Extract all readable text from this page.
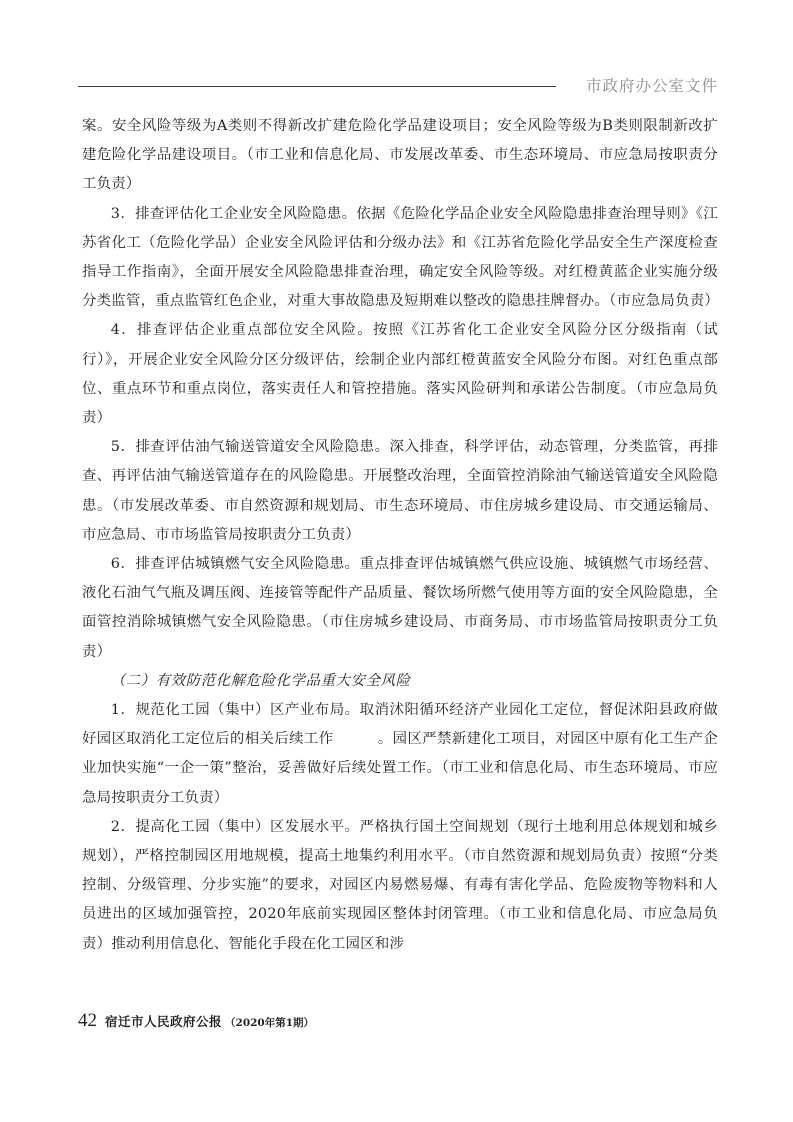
市政府办公室文件

案。安全风险等级为A类则不得新改扩建危险化学品建设项目；安全风险等级为B类则限制新改扩建危险化学品建设项目。（市工业和信息化局、市发展改革委、市生态环境局、市应急局按职责分工负责）

3．排查评估化工企业安全风险隐患。依据《危险化学品企业安全风险隐患排查治理导则》《江苏省化工（危险化学品）企业安全风险评估和分级办法》和《江苏省危险化学品安全生产深度检查指导工作指南》，全面开展安全风险隐患排查治理，确定安全风险等级。对红橙黄蓝企业实施分级分类监管，重点监管红色企业，对重大事故隐患及短期难以整改的隐患挂牌督办。（市应急局负责）

4．排查评估企业重点部位安全风险。按照《江苏省化工企业安全风险分区分级指南（试行）》，开展企业安全风险分区分级评估，绘制企业内部红橙黄蓝安全风险分布图。对红色重点部位、重点环节和重点岗位，落实责任人和管控措施。落实风险研判和承诺公告制度。（市应急局负责）

5．排查评估油气输送管道安全风险隐患。深入排查，科学评估，动态管理，分类监管，再排查、再评估油气输送管道存在的风险隐患。开展整改治理，全面管控消除油气输送管道安全风险隐患。（市发展改革委、市自然资源和规划局、市生态环境局、市住房城乡建设局、市交通运输局、市应急局、市市场监管局按职责分工负责）

6．排查评估城镇燃气安全风险隐患。重点排查评估城镇燃气供应设施、城镇燃气市场经营、液化石油气气瓶及调压阀、连接管等配件产品质量、餐饮场所燃气使用等方面的安全风险隐患，全面管控消除城镇燃气安全风险隐患。（市住房城乡建设局、市商务局、市市场监管局按职责分工负责）

（二）有效防范化解危险化学品重大安全风险

1．规范化工园（集中）区产业布局。取消沭阳循环经济产业园化工定位，督促沭阳县政府做好园区取消化工定位后的相关后续工作　　　。园区严禁新建化工项目，对园区中原有化工生产企业加快实施“一企一策”整治，妥善做好后续处置工作。（市工业和信息化局、市生态环境局、市应急局按职责分工负责）

2．提高化工园（集中）区发展水平。严格执行国土空间规划（现行土地利用总体规划和城乡规划），严格控制园区用地规模，提高土地集约利用水平。（市自然资源和规划局负责）按照“分类控制、分级管理、分步实施”的要求，对园区内易燃易爆、有毒有害化学品、危险废物等物料和人员进出的区域加强管控，2020年底前实现园区整体封闭管理。（市工业和信息化局、市应急局负责）推动利用信息化、智能化手段在化工园区和涉

42 宿迁市人民政府公报 （2020年第1期）
